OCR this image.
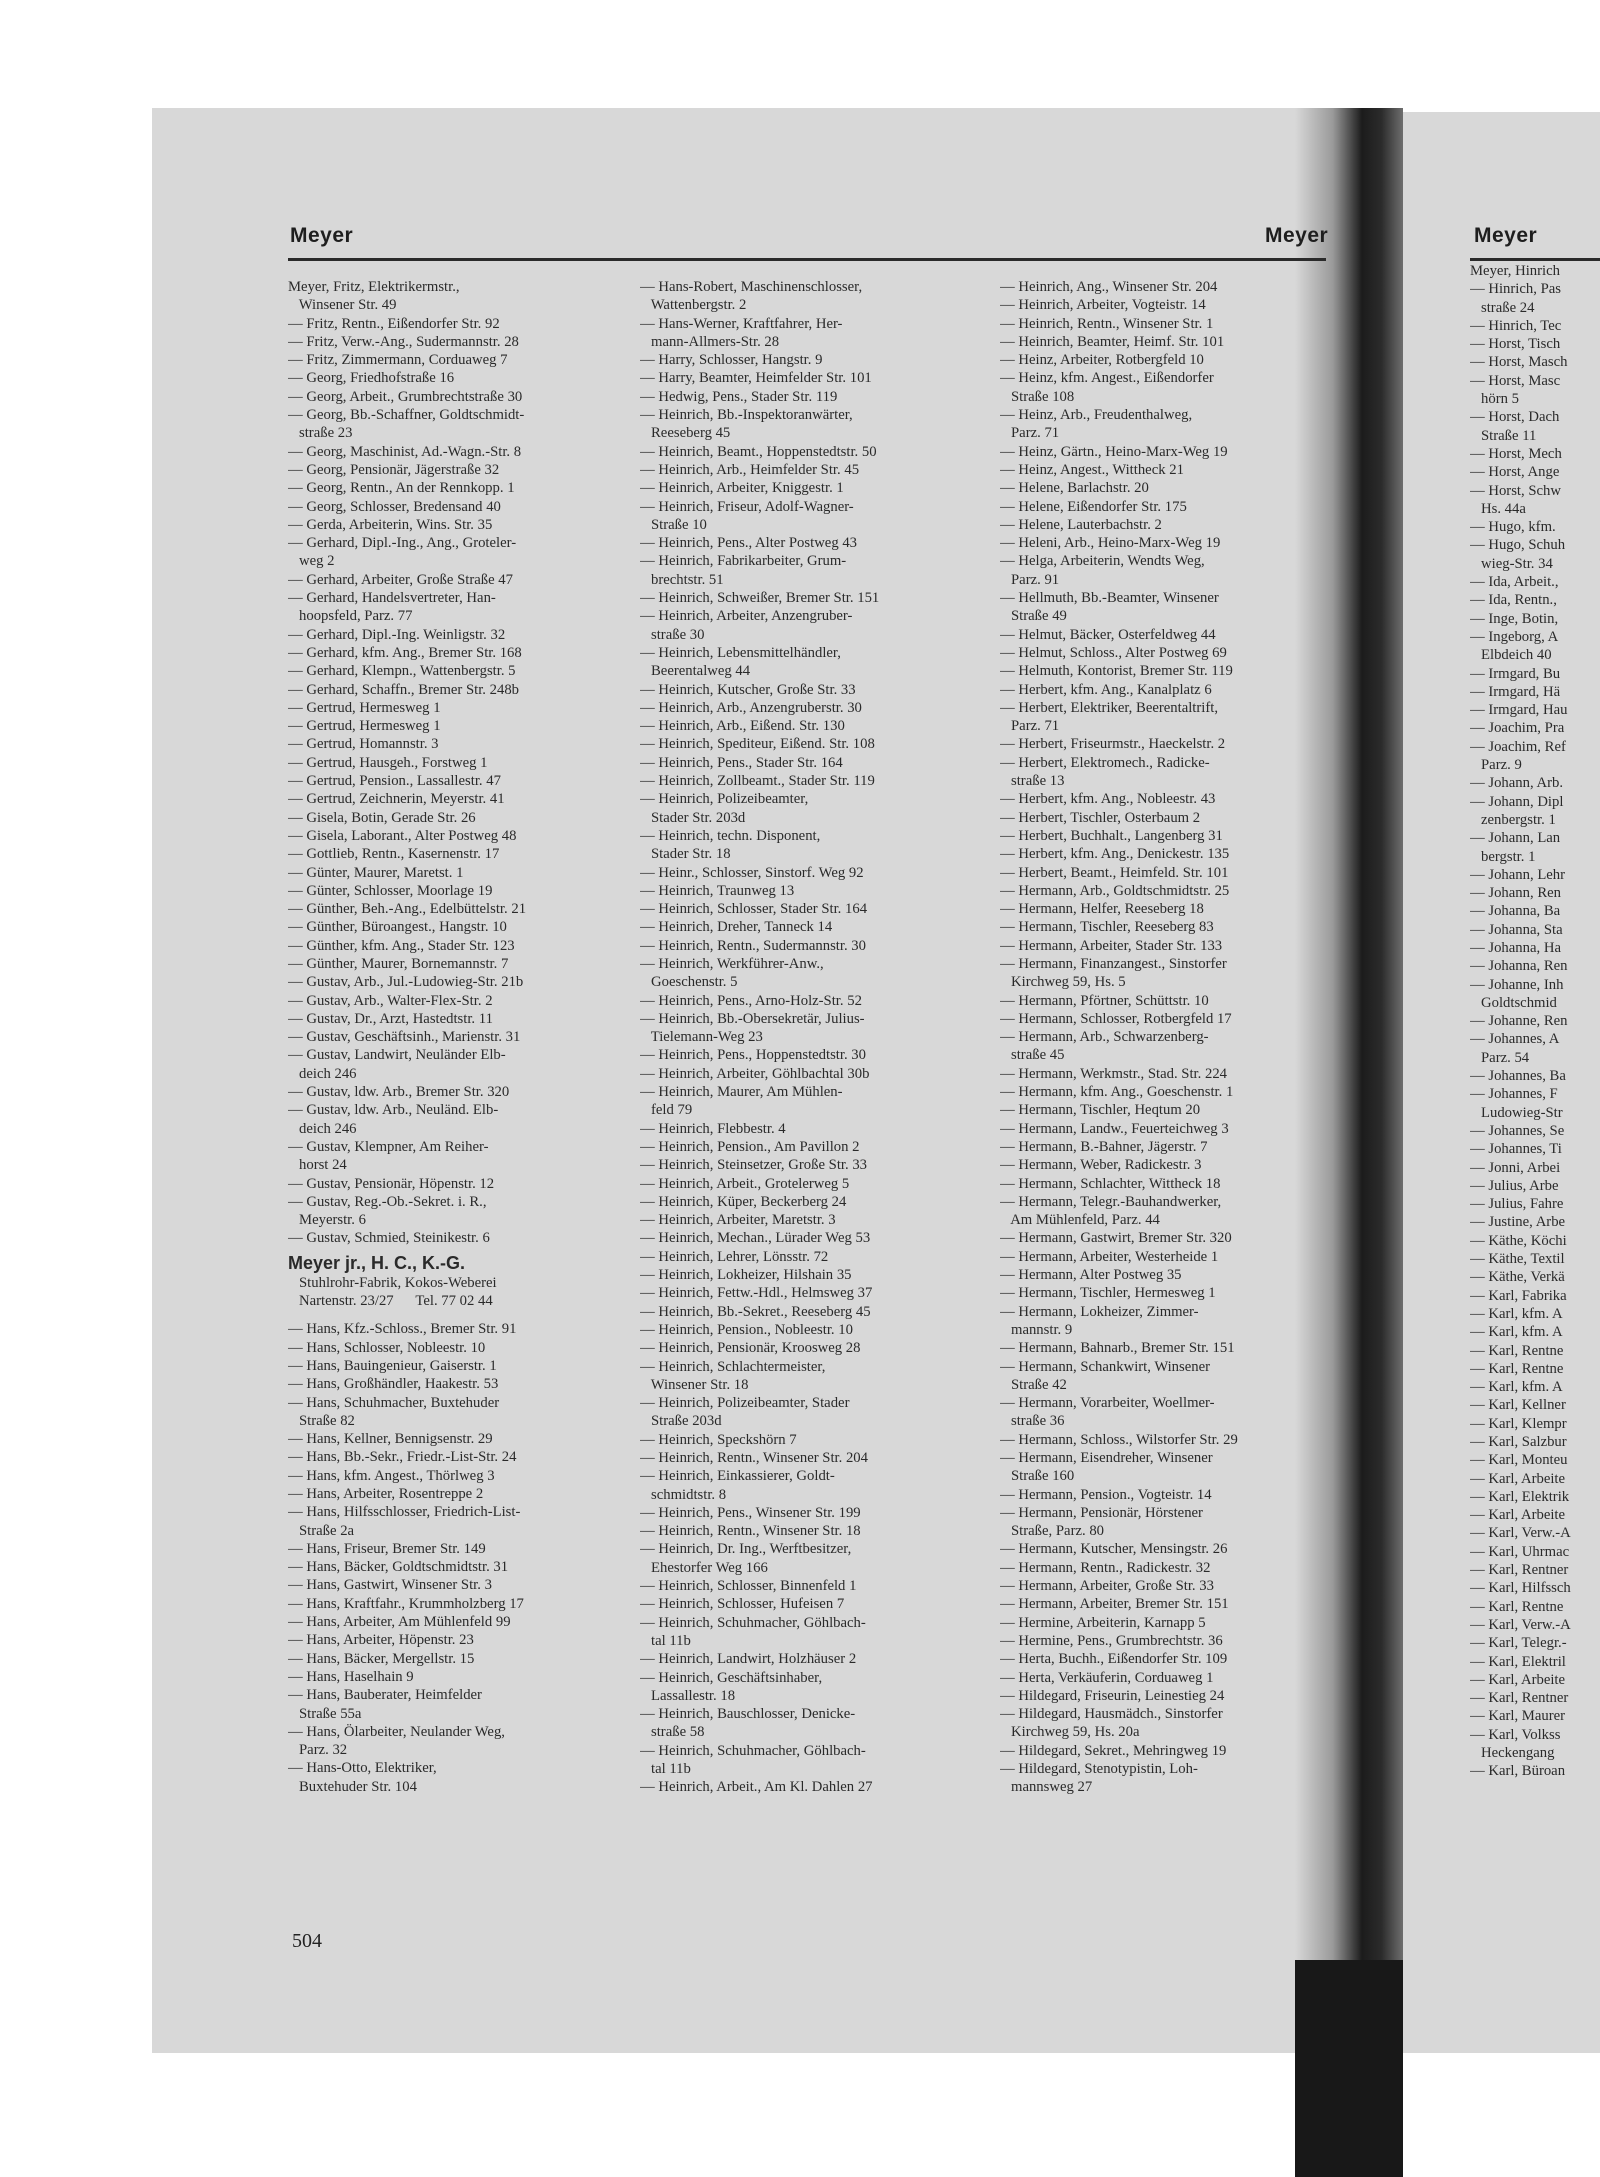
Meyer	Meyer	Meyer
Meyer, Fritz, Elektrikermstr.,
Winsener Str. 49
— Fritz, Rentn., Eißendorfer Str. 92
— Fritz, Verw.-Ang., Sudermannstr. 28
— Fritz, Zimmermann, Corduaweg 7
— Georg, Friedhofstraße 16
— Georg, Arbeit., Grumbrechtstraße 30
— Georg, Bb.-Schaffner, Goldtschmidt-
straße 23
— Georg, Maschinist, Ad.-Wagn.-Str. 8
— Georg, Pensionär, Jägerstraße 32
— Georg, Rentn., An der Rennkopp. 1
— Georg, Schlosser, Bredensand 40
— Gerda, Arbeiterin, Wins. Str. 35
— Gerhard, Dipl.-Ing., Ang., Groteler-
weg 2
— Gerhard, Arbeiter, Große Straße 47
— Gerhard, Handelsvertreter, Han-
hoopsfeld, Parz. 77
— Gerhard, Dipl.-Ing. Weinligstr. 32
— Gerhard, kfm. Ang., Bremer Str. 168
— Gerhard, Klempn., Wattenbergstr. 5
— Gerhard, Schaffn., Bremer Str. 248b
— Gertrud, Hermesweg 1
— Gertrud, Hermesweg 1
— Gertrud, Homannstr. 3
— Gertrud, Hausgeh., Forstweg 1
— Gertrud, Pension., Lassallestr. 47
— Gertrud, Zeichnerin, Meyerstr. 41
— Gisela, Botin, Gerade Str. 26
— Gisela, Laborant., Alter Postweg 48
— Gottlieb, Rentn., Kasernenstr. 17
— Günter, Maurer, Maretst. 1
— Günter, Schlosser, Moorlage 19
— Günther, Beh.-Ang., Edelbüttelstr. 21
— Günther, Büroangest., Hangstr. 10
— Günther, kfm. Ang., Stader Str. 123
— Günther, Maurer, Bornemannstr. 7
— Gustav, Arb., Jul.-Ludowieg-Str. 21b
— Gustav, Arb., Walter-Flex-Str. 2
— Gustav, Dr., Arzt, Hastedtstr. 11
— Gustav, Geschäftsinh., Marienstr. 31
— Gustav, Landwirt, Neuländer Elb-
deich 246
— Gustav, ldw. Arb., Bremer Str. 320
— Gustav, ldw. Arb., Neuländ. Elb-
deich 246
— Gustav, Klempner, Am Reiher-
horst 24
— Gustav, Pensionär, Höpenstr. 12
— Gustav, Reg.-Ob.-Sekret. i. R.,
Meyerstr. 6
— Gustav, Schmied, Steinikestr. 6
Meyer jr., H. C., K.-G.
Stuhlrohr-Fabrik, Kokos-Weberei
Nartenstr. 23/27      Tel. 77 02 44
— Hans, Kfz.-Schloss., Bremer Str. 91
— Hans, Schlosser, Nobleestr. 10
— Hans, Bauingenieur, Gaiserstr. 1
— Hans, Großhändler, Haakestr. 53
— Hans, Schuhmacher, Buxtehuder
Straße 82
— Hans, Kellner, Bennigsenstr. 29
— Hans, Bb.-Sekr., Friedr.-List-Str. 24
— Hans, kfm. Angest., Thörlweg 3
— Hans, Arbeiter, Rosentreppe 2
— Hans, Hilfsschlosser, Friedrich-List-
Straße 2a
— Hans, Friseur, Bremer Str. 149
— Hans, Bäcker, Goldtschmidtstr. 31
— Hans, Gastwirt, Winsener Str. 3
— Hans, Kraftfahr., Krummholzberg 17
— Hans, Arbeiter, Am Mühlenfeld 99
— Hans, Arbeiter, Höpenstr. 23
— Hans, Bäcker, Mergellstr. 15
— Hans, Haselhain 9
— Hans, Bauberater, Heimfelder
Straße 55a
— Hans, Ölarbeiter, Neulander Weg,
Parz. 32
— Hans-Otto, Elektriker,
Buxtehuder Str. 104
— Hans-Robert, Maschinenschlosser,
Wattenbergstr. 2
— Hans-Werner, Kraftfahrer, Her-
mann-Allmers-Str. 28
— Harry, Schlosser, Hangstr. 9
— Harry, Beamter, Heimfelder Str. 101
— Hedwig, Pens., Stader Str. 119
— Heinrich, Bb.-Inspektoranwärter,
Reeseberg 45
— Heinrich, Beamt., Hoppenstedtstr. 50
— Heinrich, Arb., Heimfelder Str. 45
— Heinrich, Arbeiter, Kniggestr. 1
— Heinrich, Friseur, Adolf-Wagner-
Straße 10
— Heinrich, Pens., Alter Postweg 43
— Heinrich, Fabrikarbeiter, Grum-
brechtstr. 51
— Heinrich, Schweißer, Bremer Str. 151
— Heinrich, Arbeiter, Anzengruber-
straße 30
— Heinrich, Lebensmittelhändler,
Beerentalweg 44
— Heinrich, Kutscher, Große Str. 33
— Heinrich, Arb., Anzengruberstr. 30
— Heinrich, Arb., Eißend. Str. 130
— Heinrich, Spediteur, Eißend. Str. 108
— Heinrich, Pens., Stader Str. 164
— Heinrich, Zollbeamt., Stader Str. 119
— Heinrich, Polizeibeamter,
Stader Str. 203d
— Heinrich, techn. Disponent,
Stader Str. 18
— Heinr., Schlosser, Sinstorf. Weg 92
— Heinrich, Traunweg 13
— Heinrich, Schlosser, Stader Str. 164
— Heinrich, Dreher, Tanneck 14
— Heinrich, Rentn., Sudermannstr. 30
— Heinrich, Werkführer-Anw.,
Goeschenstr. 5
— Heinrich, Pens., Arno-Holz-Str. 52
— Heinrich, Bb.-Obersekretär, Julius-
Tielemann-Weg 23
— Heinrich, Pens., Hoppenstedtstr. 30
— Heinrich, Arbeiter, Göhlbachtal 30b
— Heinrich, Maurer, Am Mühlen-
feld 79
— Heinrich, Flebbestr. 4
— Heinrich, Pension., Am Pavillon 2
— Heinrich, Steinsetzer, Große Str. 33
— Heinrich, Arbeit., Grotelerweg 5
— Heinrich, Küper, Beckerberg 24
— Heinrich, Arbeiter, Maretstr. 3
— Heinrich, Mechan., Lürader Weg 53
— Heinrich, Lehrer, Lönsstr. 72
— Heinrich, Lokheizer, Hilshain 35
— Heinrich, Fettw.-Hdl., Helmsweg 37
— Heinrich, Bb.-Sekret., Reeseberg 45
— Heinrich, Pension., Nobleestr. 10
— Heinrich, Pensionär, Kroosweg 28
— Heinrich, Schlachtermeister,
Winsener Str. 18
— Heinrich, Polizeibeamter, Stader
Straße 203d
— Heinrich, Speckshörn 7
— Heinrich, Rentn., Winsener Str. 204
— Heinrich, Einkassierer, Goldt-
schmidtstr. 8
— Heinrich, Pens., Winsener Str. 199
— Heinrich, Rentn., Winsener Str. 18
— Heinrich, Dr. Ing., Werftbesitzer,
Ehestorfer Weg 166
— Heinrich, Schlosser, Binnenfeld 1
— Heinrich, Schlosser, Hufeisen 7
— Heinrich, Schuhmacher, Göhlbach-
tal 11b
— Heinrich, Landwirt, Holzhäuser 2
— Heinrich, Geschäftsinhaber,
Lassallestr. 18
— Heinrich, Bauschlosser, Denicke-
straße 58
— Heinrich, Schuhmacher, Göhlbach-
tal 11b
— Heinrich, Arbeit., Am Kl. Dahlen 27
— Heinrich, Ang., Winsener Str. 204
— Heinrich, Arbeiter, Vogteistr. 14
— Heinrich, Rentn., Winsener Str. 1
— Heinrich, Beamter, Heimf. Str. 101
— Heinz, Arbeiter, Rotbergfeld 10
— Heinz, kfm. Angest., Eißendorfer
Straße 108
— Heinz, Arb., Freudenthalweg,
Parz. 71
— Heinz, Gärtn., Heino-Marx-Weg 19
— Heinz, Angest., Wittheck 21
— Helene, Barlachstr. 20
— Helene, Eißendorfer Str. 175
— Helene, Lauterbachstr. 2
— Heleni, Arb., Heino-Marx-Weg 19
— Helga, Arbeiterin, Wendts Weg,
Parz. 91
— Hellmuth, Bb.-Beamter, Winsener
Straße 49
— Helmut, Bäcker, Osterfeldweg 44
— Helmut, Schloss., Alter Postweg 69
— Helmuth, Kontorist, Bremer Str. 119
— Herbert, kfm. Ang., Kanalplatz 6
— Herbert, Elektriker, Beerentaltrift,
Parz. 71
— Herbert, Friseurmstr., Haeckelstr. 2
— Herbert, Elektromech., Radicke-
straße 13
— Herbert, kfm. Ang., Nobleestr. 43
— Herbert, Tischler, Osterbaum 2
— Herbert, Buchhalt., Langenberg 31
— Herbert, kfm. Ang., Denickestr. 135
— Herbert, Beamt., Heimfeld. Str. 101
— Hermann, Arb., Goldtschmidtstr. 25
— Hermann, Helfer, Reeseberg 18
— Hermann, Tischler, Reeseberg 83
— Hermann, Arbeiter, Stader Str. 133
— Hermann, Finanzangest., Sinstorfer
Kirchweg 59, Hs. 5
— Hermann, Pförtner, Schüttstr. 10
— Hermann, Schlosser, Rotbergfeld 17
— Hermann, Arb., Schwarzenberg-
straße 45
— Hermann, Werkmstr., Stad. Str. 224
— Hermann, kfm. Ang., Goeschenstr. 1
— Hermann, Tischler, Heqtum 20
— Hermann, Landw., Feuerteichweg 3
— Hermann, B.-Bahner, Jägerstr. 7
— Hermann, Weber, Radickestr. 3
— Hermann, Schlachter, Wittheck 18
— Hermann, Telegr.-Bauhandwerker,
Am Mühlenfeld, Parz. 44
— Hermann, Gastwirt, Bremer Str. 320
— Hermann, Arbeiter, Westerheide 1
— Hermann, Alter Postweg 35
— Hermann, Tischler, Hermesweg 1
— Hermann, Lokheizer, Zimmer-
mannstr. 9
— Hermann, Bahnarb., Bremer Str. 151
— Hermann, Schankwirt, Winsener
Straße 42
— Hermann, Vorarbeiter, Woellmer-
straße 36
— Hermann, Schloss., Wilstorfer Str. 29
— Hermann, Eisendreher, Winsener
Straße 160
— Hermann, Pension., Vogteistr. 14
— Hermann, Pensionär, Hörstener
Straße, Parz. 80
— Hermann, Kutscher, Mensingstr. 26
— Hermann, Rentn., Radickestr. 32
— Hermann, Arbeiter, Große Str. 33
— Hermann, Arbeiter, Bremer Str. 151
— Hermine, Arbeiterin, Karnapp 5
— Hermine, Pens., Grumbrechtstr. 36
— Herta, Buchh., Eißendorfer Str. 109
— Herta, Verkäuferin, Corduaweg 1
— Hildegard, Friseurin, Leinestieg 24
— Hildegard, Hausmädch., Sinstorfer
Kirchweg 59, Hs. 20a
— Hildegard, Sekret., Mehringweg 19
— Hildegard, Stenotypistin, Loh-
mannsweg 27
Meyer, Hinrich
— Hinrich, Pas
straße 24
— Hinrich, Tec
— Horst, Tisch
— Horst, Masch
— Horst, Masc
hörn 5
— Horst, Dach
Straße 11
— Horst, Mech
— Horst, Ange
— Horst, Schw
Hs. 44a
— Hugo, kfm.
— Hugo, Schuh
wieg-Str. 34
— Ida, Arbeit.,
— Ida, Rentn.,
— Inge, Botin,
— Ingeborg, A
Elbdeich 40
— Irmgard, Bu
— Irmgard, Hä
— Irmgard, Hau
— Joachim, Pra
— Joachim, Ref
Parz. 9
— Johann, Arb.
— Johann, Dipl
zenbergstr. 1
— Johann, Lan
bergstr. 1
— Johann, Lehr
— Johann, Ren
— Johanna, Ba
— Johanna, Sta
— Johanna, Ha
— Johanna, Ren
— Johanne, Inh
Goldtschmid
— Johanne, Ren
— Johannes, A
Parz. 54
— Johannes, Ba
— Johannes, F
Ludowieg-Str
— Johannes, Se
— Johannes, Ti
— Jonni, Arbei
— Julius, Arbe
— Julius, Fahre
— Justine, Arbe
— Käthe, Köchi
— Käthe, Textil
— Käthe, Verkä
— Karl, Fabrika
— Karl, kfm. A
— Karl, kfm. A
— Karl, Rentne
— Karl, Rentne
— Karl, kfm. A
— Karl, Kellner
— Karl, Klempr
— Karl, Salzbur
— Karl, Monteu
— Karl, Arbeite
— Karl, Elektrik
— Karl, Arbeite
— Karl, Verw.-A
— Karl, Uhrmac
— Karl, Rentner
— Karl, Hilfssch
— Karl, Rentne
— Karl, Verw.-A
— Karl, Telegr.-
— Karl, Elektril
— Karl, Arbeite
— Karl, Rentner
— Karl, Maurer
— Karl, Volkss
Heckengang
— Karl, Büroan
504
